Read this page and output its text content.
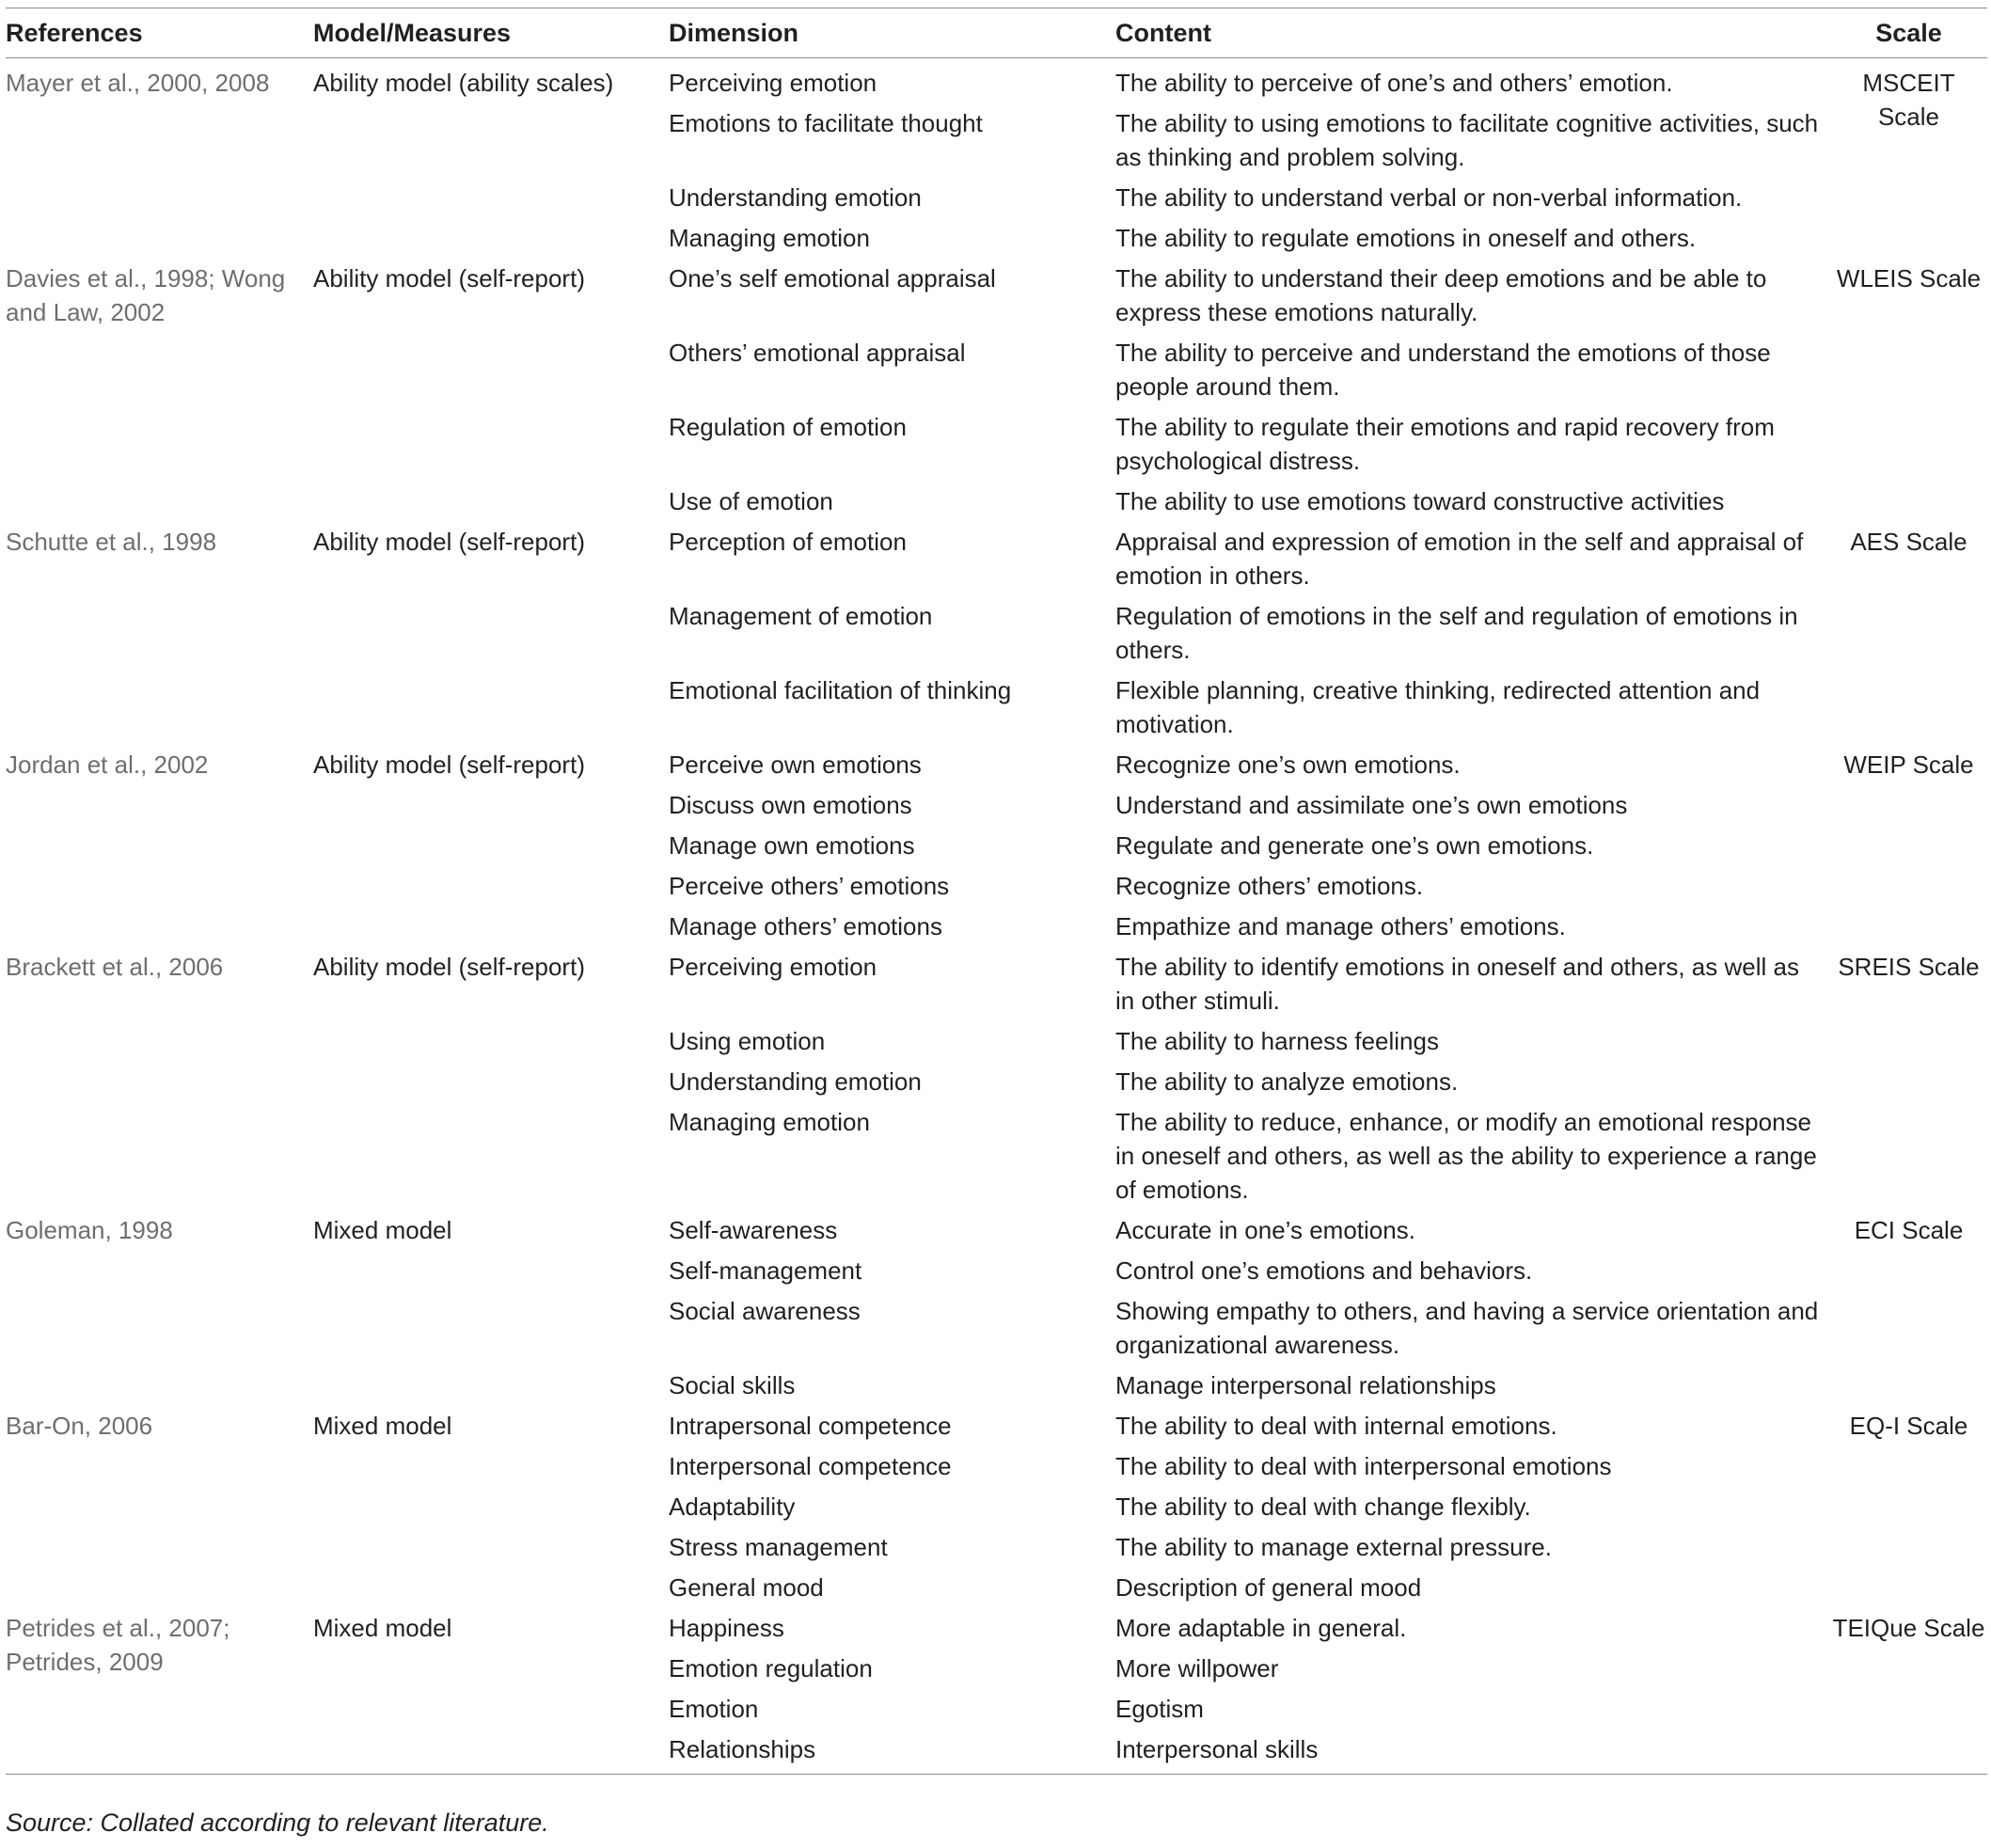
References	Model/Measures	Dimension	Content	Scale
Mayer et al., 2000, 2008	Ability model (ability scales)	Perceiving emotion	The ability to perceive of one’s and others’ emotion.	MSCEIT Scale
		Emotions to facilitate thought	The ability to using emotions to facilitate cognitive activities, such as thinking and problem solving.	
		Understanding emotion	The ability to understand verbal or non-verbal information.	
		Managing emotion	The ability to regulate emotions in oneself and others.	
Davies et al., 1998; Wong and Law, 2002	Ability model (self-report)	One’s self emotional appraisal	The ability to understand their deep emotions and be able to express these emotions naturally.	WLEIS Scale
		Others’ emotional appraisal	The ability to perceive and understand the emotions of those people around them.	
		Regulation of emotion	The ability to regulate their emotions and rapid recovery from psychological distress.	
		Use of emotion	The ability to use emotions toward constructive activities	
Schutte et al., 1998	Ability model (self-report)	Perception of emotion	Appraisal and expression of emotion in the self and appraisal of emotion in others.	AES Scale
		Management of emotion	Regulation of emotions in the self and regulation of emotions in others.	
		Emotional facilitation of thinking	Flexible planning, creative thinking, redirected attention and motivation.	
Jordan et al., 2002	Ability model (self-report)	Perceive own emotions	Recognize one’s own emotions.	WEIP Scale
		Discuss own emotions	Understand and assimilate one’s own emotions	
		Manage own emotions	Regulate and generate one’s own emotions.	
		Perceive others’ emotions	Recognize others’ emotions.	
		Manage others’ emotions	Empathize and manage others’ emotions.	
Brackett et al., 2006	Ability model (self-report)	Perceiving emotion	The ability to identify emotions in oneself and others, as well as in other stimuli.	SREIS Scale
		Using emotion	The ability to harness feelings	
		Understanding emotion	The ability to analyze emotions.	
		Managing emotion	The ability to reduce, enhance, or modify an emotional response in oneself and others, as well as the ability to experience a range of emotions.	
Goleman, 1998	Mixed model	Self-awareness	Accurate in one’s emotions.	ECI Scale
		Self-management	Control one’s emotions and behaviors.	
		Social awareness	Showing empathy to others, and having a service orientation and organizational awareness.	
		Social skills	Manage interpersonal relationships	
Bar-On, 2006	Mixed model	Intrapersonal competence	The ability to deal with internal emotions.	EQ-I Scale
		Interpersonal competence	The ability to deal with interpersonal emotions	
		Adaptability	The ability to deal with change flexibly.	
		Stress management	The ability to manage external pressure.	
		General mood	Description of general mood	
Petrides et al., 2007; Petrides, 2009	Mixed model	Happiness	More adaptable in general.	TEIQue Scale
		Emotion regulation	More willpower	
		Emotion	Egotism	
		Relationships	Interpersonal skills	
Source: Collated according to relevant literature.
